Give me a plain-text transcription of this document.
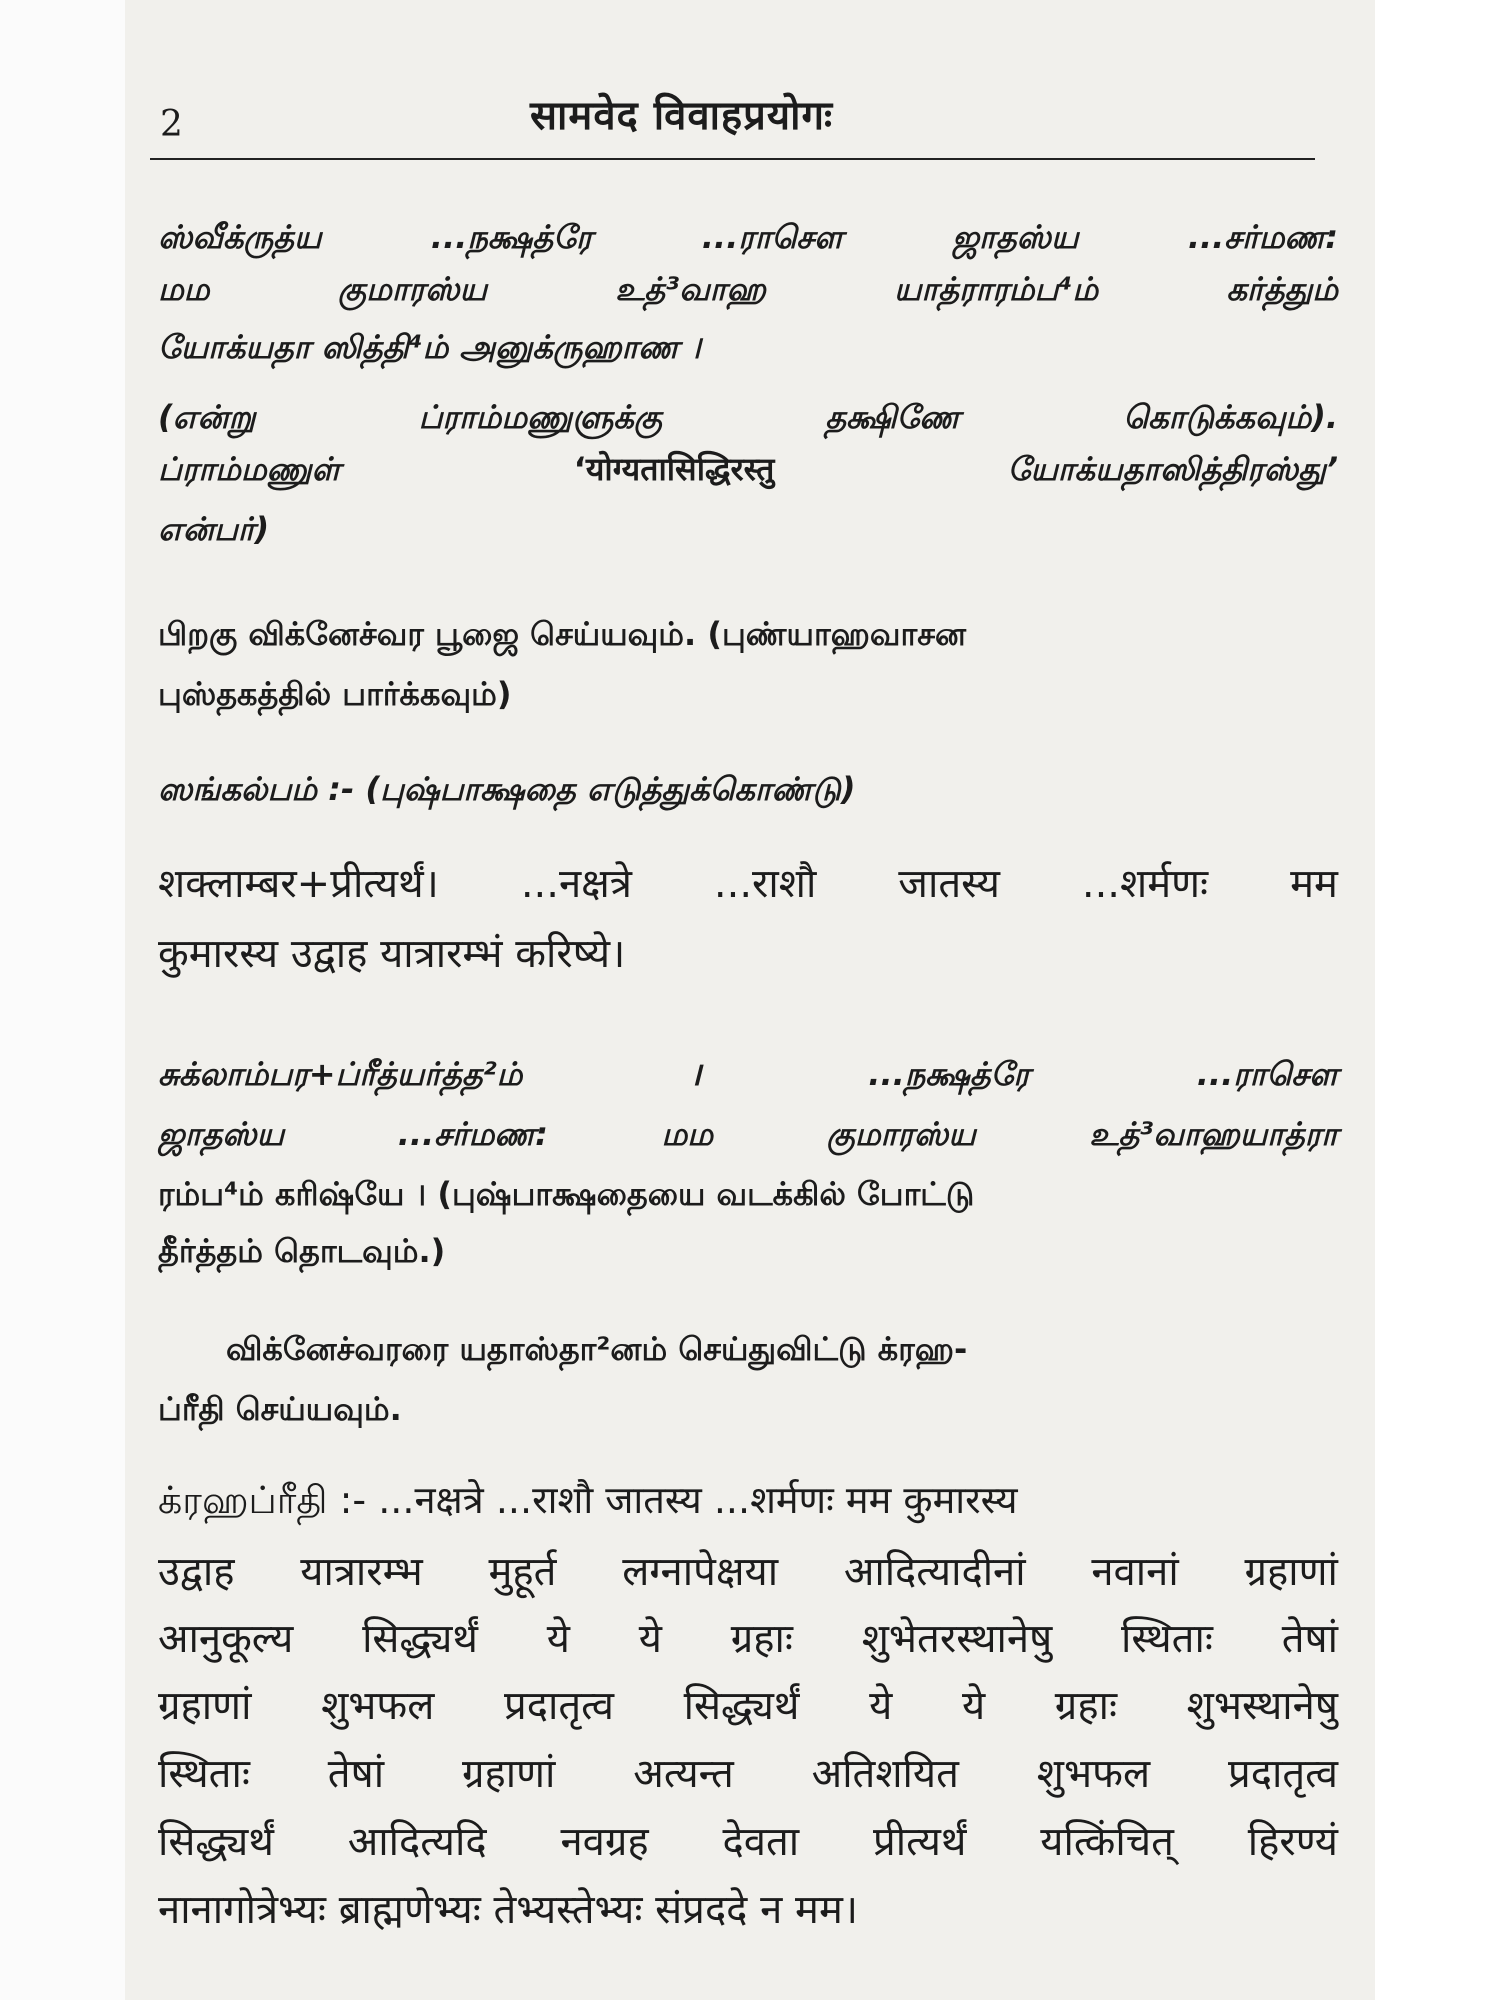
2	सामवेद विवाहप्रयोगः
ஸ்வீக்ருத்ய	...நக்ஷத்ரே	...ராசௌ	ஜாதஸ்ய	...சர்மண:
மம	குமாரஸ்ய	உத்³வாஹ	யாத்ராரம்ப⁴ம்	கர்த்தும்
யோக்யதா ஸித்தி⁴ம் அனுக்ருஹாண ।
(என்று	ப்ராம்மணுளுக்கு	தக்ஷிணே	கொடுக்கவும்).
ப்ராம்மணுள்	‘योग्यतासिद्धिरस्तु	யோக்யதாஸித்திரஸ்து’
என்பர்)
பிறகு விக்னேச்வர பூஜை செய்யவும். (புண்யாஹவாசன
புஸ்தகத்தில் பார்க்கவும்)
ஸங்கல்பம் :- (புஷ்பாக்ஷதை எடுத்துக்கொண்டு)
शक्लाम्बर+प्रीत्यर्थं। ...नक्षत्रे ...राशौ जातस्य ...शर्मणः मम
कुमारस्य उद्वाह यात्रारम्भं करिष्ये।
சுக்லாம்பர+ப்ரீத்யர்த்த²ம்	।	...நக்ஷத்ரே	...ராசௌ
ஜாதஸ்ய	...சர்மண:	மம	குமாரஸ்ய	உத்³வாஹயாத்ரா
ரம்ப⁴ம் கரிஷ்யே । (புஷ்பாக்ஷதையை வடக்கில் போட்டு
தீர்த்தம் தொடவும்.)
விக்னேச்வரரை யதாஸ்தா²னம் செய்துவிட்டு க்ரஹ-
ப்ரீதி செய்யவும்.
க்ரஹப்ரீதி :- ...नक्षत्रे ...राशौ जातस्य ...शर्मणः मम कुमारस्य
उद्वाह यात्रारम्भ मुहूर्त लग्नापेक्षया आदित्यादीनां नवानां ग्रहाणां
आनुकूल्य सिद्ध्यर्थं ये ये ग्रहाः शुभेतरस्थानेषु स्थिताः तेषां
ग्रहाणां शुभफल प्रदातृत्व सिद्ध्यर्थं ये ये ग्रहाः शुभस्थानेषु
स्थिताः तेषां ग्रहाणां अत्यन्त अतिशयित शुभफल प्रदातृत्व
सिद्ध्यर्थं आदित्यदि नवग्रह देवता प्रीत्यर्थं यत्किंचित् हिरण्यं
नानागोत्रेभ्यः ब्राह्मणेभ्यः तेभ्यस्तेभ्यः संप्रददे न मम।
